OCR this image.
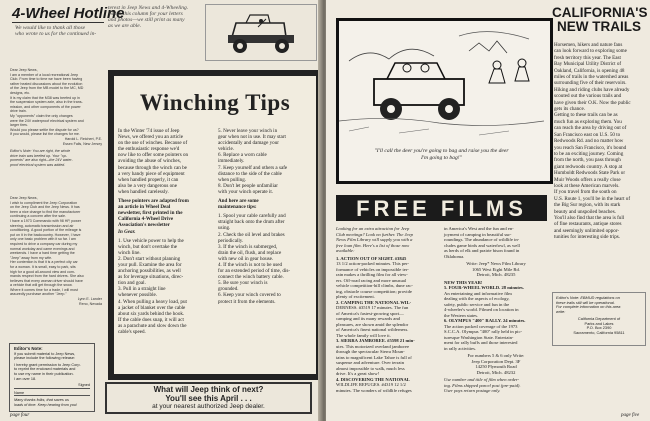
4-Wheel Hotline
We would like to thank all those
who wrote to us for the continued in-
terest in Jeep News and 4-Wheeling.
Watch this column for your letters
and photos—we still print as many
as we are able.
Dear Jeep News,
I am a member of a local recreational Jeep
Club. From time to time we have been having
rather heated discussions about the evolution
of the Jeep from the MB model to the MC, MD
designs, etc.
It is my claim that the M38 was beefed up in
the suspension system axle, also in the trans-
mission, and other components of the power
drive train.
My "opponents" claim the only changes
were the 24V waterproof electrical system and
larger tires.
Would you please settle the dispute for us?
If you would, please list the changes for me.
Harold L. Reichert, P.E.
Essex Falls, New Jersey
Editor's Note: You are right, the whole
drive train was beefed up. Your "op-
ponents" are also right—the 24V water-
proof electrical system was added.
Dear Jeep News,
I wish to compliment the Jeep Corporation
on the Jeep Club and the Jeep News. It has
been a nice change to find the manufacturer
continuing a concern after the sale.
I have a 1973 Commando with 98 HP, power
steering, automatic transmission and air
conditioning. A good portion of the mileage is
put on it in the backcountry. However, I have
only one basic problem with it so far. I am
required to drive a company car during my
normal workday and came evenings and
weekends. I have a hard time getting the
"Jeep" away from my wife.
Her contention is that it is a perfect city car
for a woman. It is small, easy to park, sits
high for a good all-around view and com-
mands respect from the hard drivers. She also
believes that every woman driver should have
a vehicle that will get through the snow.
Where it comes time for a trade, I will most
assuredly purchase another "Jeep."
Lynn E. Lander
Reno, Nevada
Editor's Note:
If you submit material to Jeep News,
please include the following release:
I hereby grant permission to Jeep Corp.
to reprint the enclosed materials and
to use my name in their publication.
I am over 18.
Signed
Name
Many thanks folks, that saves us
loads of time. Keep hearing from you!
Winching Tips
In the Winter '74 issue of Jeep
News, we offered you an article
on the use of winches. Because of
the enthusiastic response we'd
now like to offer some pointers on
avoiding the abuse of winches,
because through the winch can be
a very handy piece of equipment
when handled properly, it can
also be a very dangerous one
when handled carelessly.
These pointers are adapted from
an article in Wheel Deal
newsletter, first printed in the
California 4-Wheel Drive
Association's newsletter
In Gear.
1. Use vehicle power to help the
winch, but don't overtake the
winch line.
2. Don't start without planning
your pull. Examine the area for
anchoring possibilities, as well
as for leverage situations, direc-
tion and goal.
3. Pull in a straight line
whenever possible.
4. When pulling a heavy load, put
a jacket of blanket over the cable
about six yards behind the hook.
If the cable does snap, it will act
as a parachute and slow down the
cable's speed.
5. Never leave your winch in
gear when not in use. It may start
accidentally and damage your
vehicle.
6. Replace a worn cable
immediately.
7. Keep yourself and others a safe
distance to the side of the cable
when pulling.
8. Don't let people unfamiliar
with your winch operate it.
And here are some
maintenance tips:
1. Spool your cable carefully and
straight back onto the drum after
using.
2. Check the oil level and brakes
periodically.
3. If the winch is submerged,
drain the oil, flush, and replace
with new oil in gear house.
4. If the winch is not to be used
for an extended period of time, dis-
connect the winch battery cable.
5. Be sure your winch is
grounded.
6. Keep your winch covered to
protect it from the elements.
What will Jeep think of next?
You'll see this April . . .
at your nearest authorized Jeep dealer.
page four
"I'll call the deer you're going to bag and raise you the deer
I'm going to bag!"
FREE FILMS
Looking for an extra attraction for Jeep
Club meetings? Look no further. The Jeep
News Film Library will supply you with a
free loan film. Here's a list of those now
available:
1. ACTION OUT OF SIGHT. #3845
13 1/2 action-packed minutes. This per-
formance of vehicles on impossible ter-
rain makes a thrilling film for all view-
ers. Off-road racing and more unusual
vehicle competition-hill climbs, dune rac-
ing, obstacle course competition; provide
plenty of excitement.
2. CAMPING THE NATIONAL WIL-
DERNESS. #3519 17 minutes. The fun
of America's fastest-growing sport—
camping and its many rewards and
pleasures, are shown amid the splendor
of America's finest national wilderness.
The whole family will love it.
3. SIERRA JAMBOREE. #5598 21 min-
utes. This motorized overland jamboree
through the spectacular Sierra Moun-
tains to magnificent Lake Tahoe is full of
suspense and adventure. Over terrain
almost impossible to walk, much less
drive. It's a great show!
4. DISCOVERING THE NATIONAL
WILDLIFE REFUGES. #4319 12 1/2
minutes. The wonders of wildlife refuges
in America's West and the fun and en-
joyment of camping in beautiful sur-
roundings. The abundance of wildlife in-
cludes game birds and waterfowl, as well
as herds of elk and prairie bison found in
Oklahoma.
Write: Jeep* News Film Library
1065 West Eight Mile Rd.
Detroit, Mich. 48235
NEW THIS YEAR!
5. FOUR-WHEEL WORLD. 28 minutes.
An entertaining and informative film
dealing with the aspects of ecology,
safety, public service and fun in the
4-wheeler's world. Filmed on location in
the Western states.
6. OLYMPUS "400" RALLY. 24 minutes.
The action packed coverage of the 1973
S.C.C.A. Olympus "400" rally held in pic-
turesque Washington State. Entertain-
ment for rally buffs and those interested
in rally activities.
For numbers 5 & 6 only Write:
Jeep Corporation Dept. 3F
14250 Plymouth Road
Detroit, Mich. 48232
Use number and title of film when order-
ing. Films shipped parcel post (pre-paid).
User pays return postage only.
CALIFORNIA'S
NEW TRAILS
Horsemen, hikers and nature fans
can look forward to exploring some
fresh territory this year. The East
Bay Municipal Utility District of
Oakland, California, is opening 48
miles of trails in the watershed areas
surrounding five of their reservoirs.
Hiking and riding clubs have already
scouted out the various trails and
have given their O.K. Now the public
gets its chance.
Getting to these trails can be as
much fun as exploring them. You
can reach the area by driving out of
San Francisco east on U.S. 50 to
Redwoods Rd. and no matter how
you reach San Francisco, it's bound
to be an exciting journey. Coming
from the north, you pass through
giant redwoods country. A stop at
Humboldt Redwoods State Park or
Muir Woods offers a really close
look at these American marvels.
If you travel from the south on
U.S. Route 1, you'll be in the heart of
the Big Sur region, with its stark
beauty and unspoiled beaches.
You'll also find that the area is full
of fine restaurants, antique stores
and seemingly unlimited oppor-
tunities for interesting side trips.
Editor's Note: EBMUD regulations on
these trails still will be operational.
For complete information on this area
write:
California Department of
Parks and Lakes
P.O. Box 2390
Sacramento, California 95811
page five
